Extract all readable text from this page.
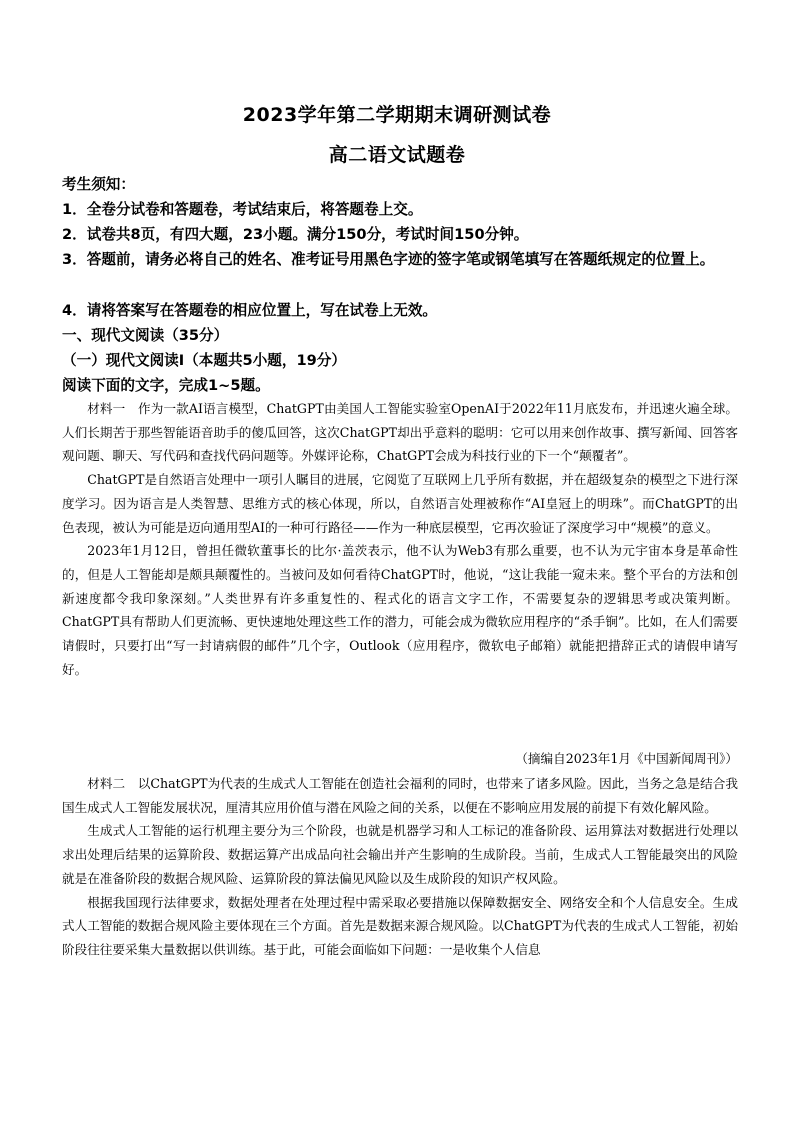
2023学年第二学期期末调研测试卷
高二语文试题卷
考生须知：
1．全卷分试卷和答题卷，考试结束后，将答题卷上交。
2．试卷共8页，有四大题，23小题。满分150分，考试时间150分钟。
3．答题前，请务必将自己的姓名、准考证号用黑色字迹的签字笔或钢笔填写在答题纸规定的位置上。
4．请将答案写在答题卷的相应位置上，写在试卷上无效。
一、现代文阅读（35分）
（一）现代文阅读Ⅰ（本题共5小题，19分）
阅读下面的文字，完成1~5题。

材料一　作为一款AI语言模型，ChatGPT由美国人工智能实验室OpenAI于2022年11月底发布，并迅速火遍全球。人们长期苦于那些智能语音助手的傻瓜回答，这次ChatGPT却出乎意料的聪明：它可以用来创作故事、撰写新闻、回答客观问题、聊天、写代码和查找代码问题等。外媒评论称，ChatGPT会成为科技行业的下一个“颠覆者”。

ChatGPT是自然语言处理中一项引人瞩目的进展，它阅览了互联网上几乎所有数据，并在超级复杂的模型之下进行深度学习。因为语言是人类智慧、思维方式的核心体现，所以，自然语言处理被称作“AI皇冠上的明珠”。而ChatGPT的出色表现，被认为可能是迈向通用型AI的一种可行路径——作为一种底层模型，它再次验证了深度学习中“规模”的意义。

2023年1月12日，曾担任微软董事长的比尔·盖茨表示，他不认为Web3有那么重要，也不认为元宇宙本身是革命性的，但是人工智能却是颇具颠覆性的。当被问及如何看待ChatGPT时，他说，“这让我能一窥未来。整个平台的方法和创新速度都令我印象深刻。”人类世界有许多重复性的、程式化的语言文字工作，不需要复杂的逻辑思考或决策判断。ChatGPT具有帮助人们更流畅、更快速地处理这些工作的潜力，可能会成为微软应用程序的“杀手锏”。比如，在人们需要请假时，只要打出“写一封请病假的邮件”几个字，Outlook（应用程序，微软电子邮箱）就能把措辞正式的请假申请写好。

（摘编自2023年1月《中国新闻周刊》）

材料二　以ChatGPT为代表的生成式人工智能在创造社会福利的同时，也带来了诸多风险。因此，当务之急是结合我国生成式人工智能发展状况，厘清其应用价值与潜在风险之间的关系，以便在不影响应用发展的前提下有效化解风险。

生成式人工智能的运行机理主要分为三个阶段，也就是机器学习和人工标记的准备阶段、运用算法对数据进行处理以求出处理后结果的运算阶段、数据运算产出成品向社会输出并产生影响的生成阶段。当前，生成式人工智能最突出的风险就是在准备阶段的数据合规风险、运算阶段的算法偏见风险以及生成阶段的知识产权风险。

根据我国现行法律要求，数据处理者在处理过程中需采取必要措施以保障数据安全、网络安全和个人信息安全。生成式人工智能的数据合规风险主要体现在三个方面。首先是数据来源合规风险。以ChatGPT为代表的生成式人工智能，初始阶段往往要采集大量数据以供训练。基于此，可能会面临如下问题：一是收集个人信息
